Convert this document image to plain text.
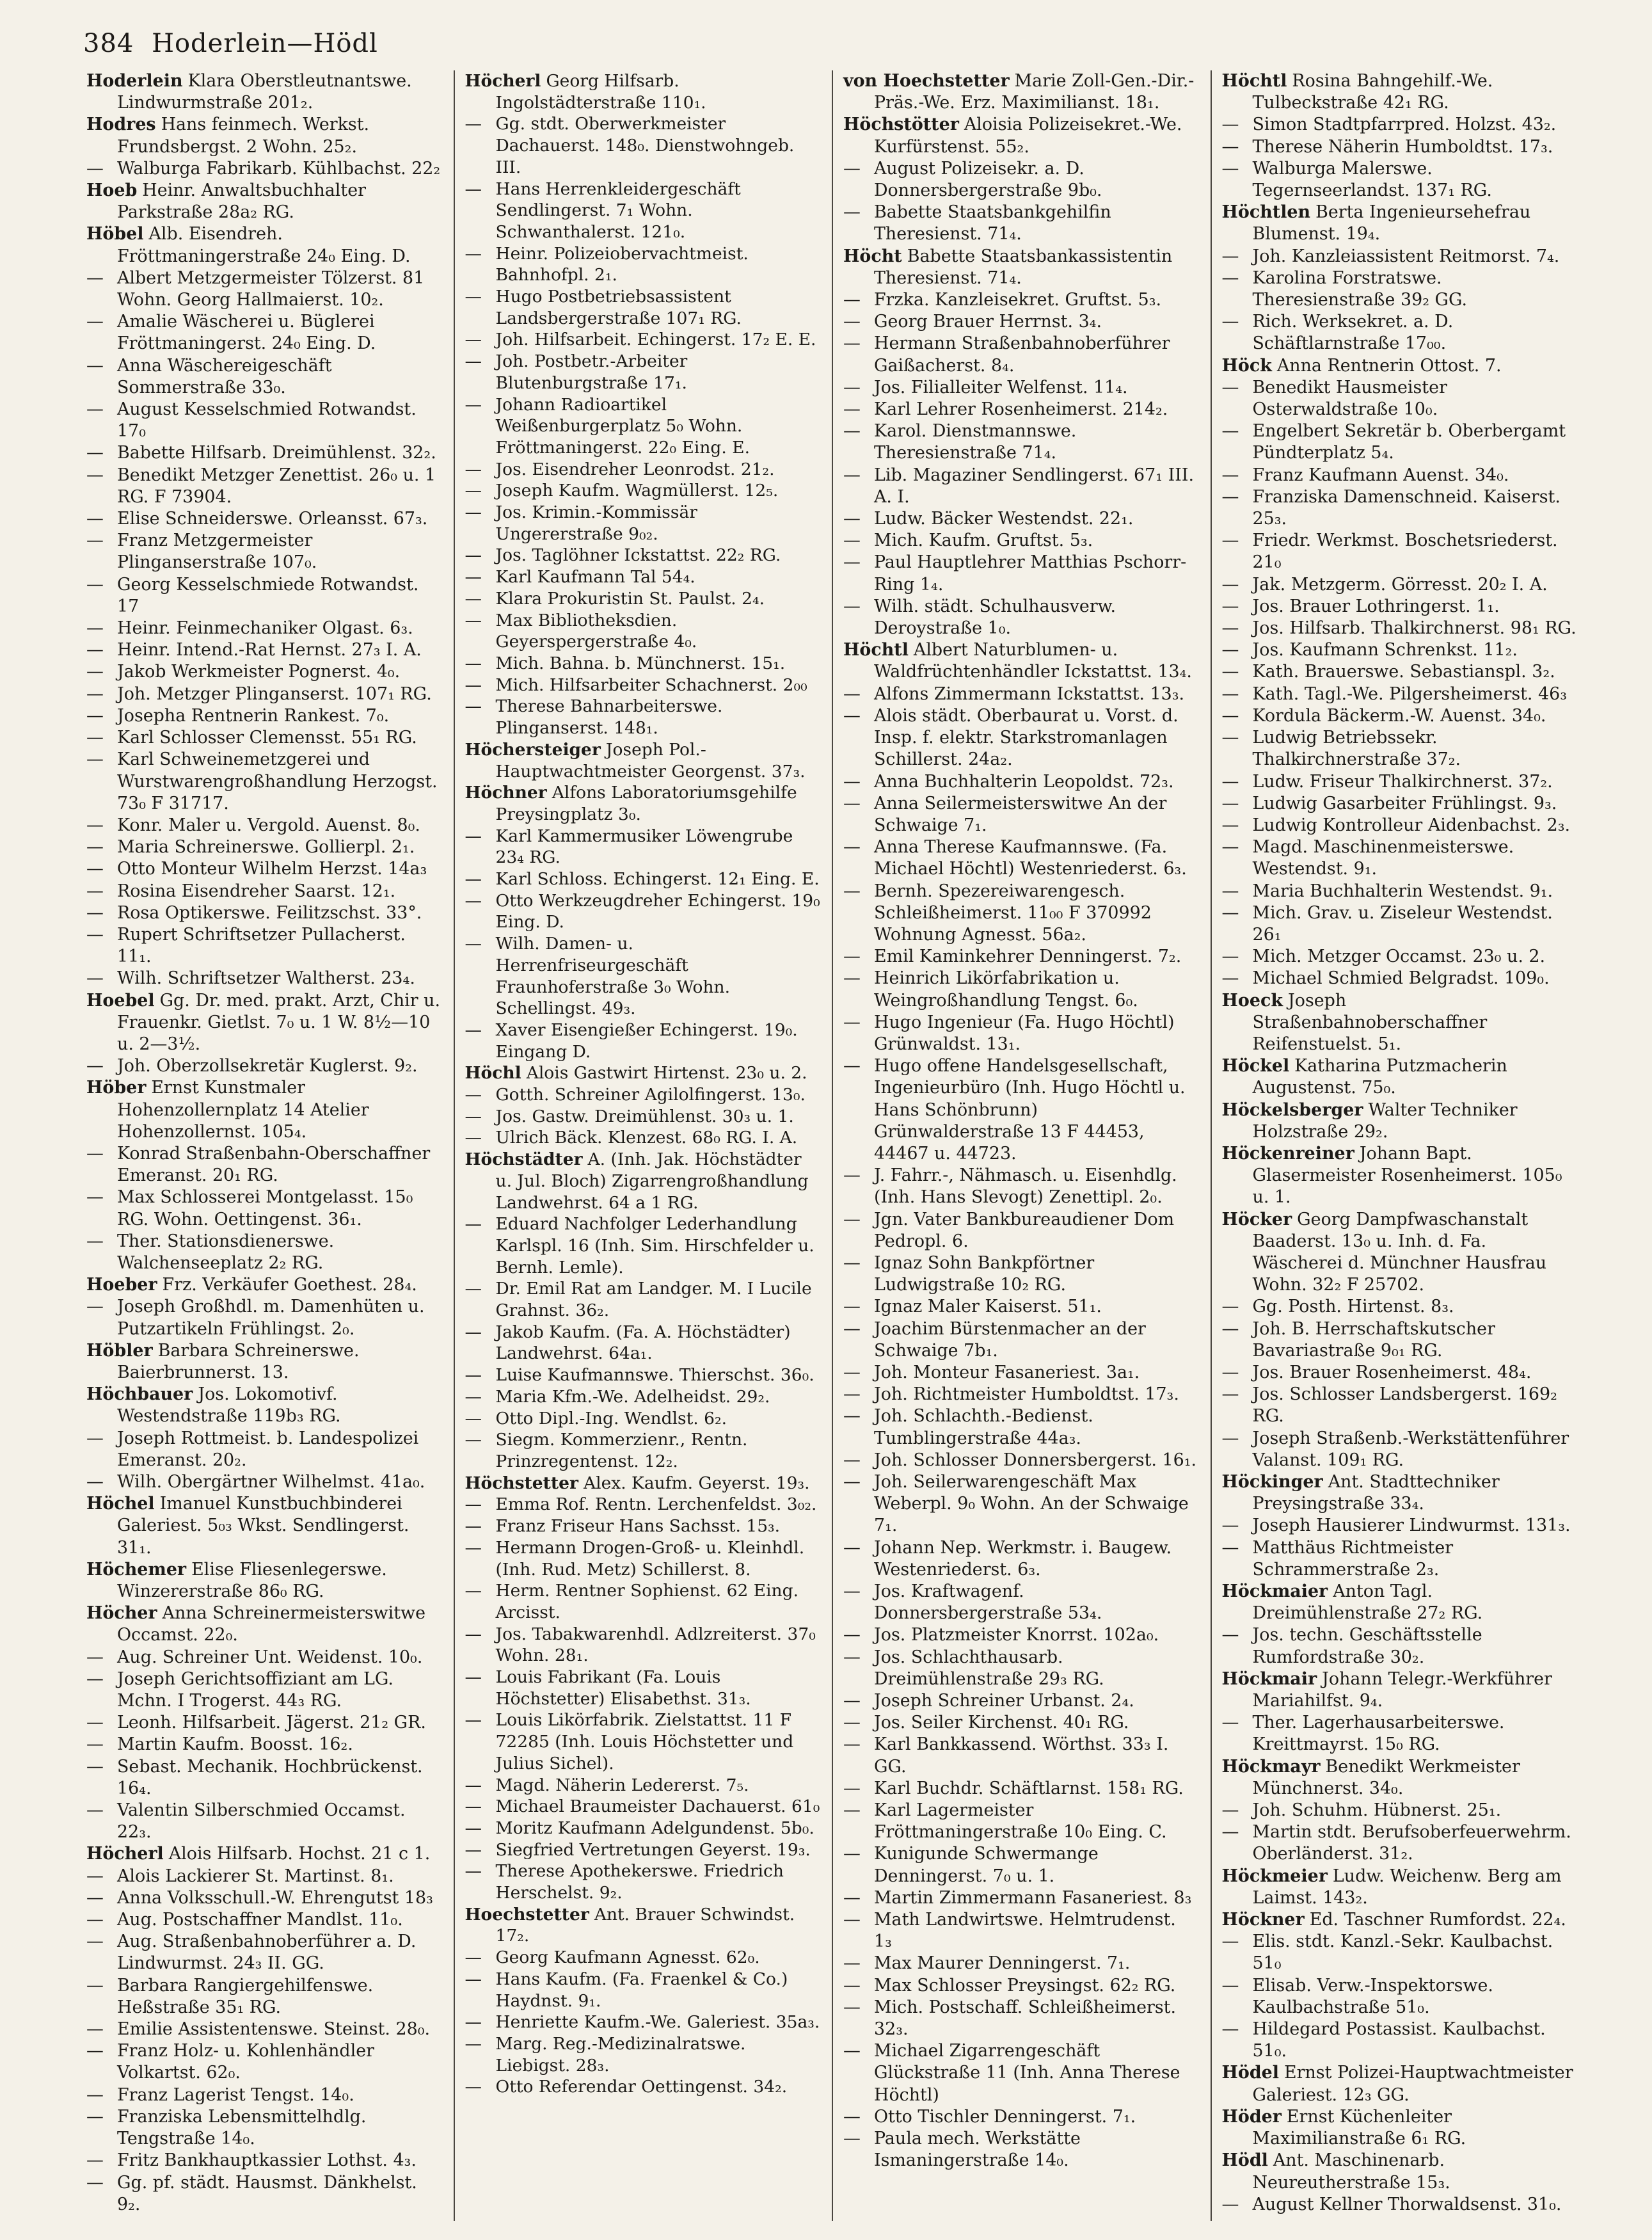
384 Hoderlein—Hödl
Hoderlein Klara Oberstleutnantswe. Lindwurmstraße 201₂.
Hodres Hans feinmech. Werkst. Frundsbergst. 2 Wohn. 25₂.
— Walburga Fabrikarb. Kühlbachst. 22₂
Hoeb Heinr. Anwaltsbuchhalter Parkstraße 28a₂ RG.
Höbel Alb. Eisendreh. Fröttmaningerstraße 24₀ Eing. D.
— Albert Metzgermeister Tölzerst. 81 Wohn. Georg Hallmaierst. 10₂.
— Amalie Wäscherei u. Büglerei Fröttmaningerst. 24₀ Eing. D.
— Anna Wäschereigeschäft Sommerstraße 33₀.
— August Kesselschmied Rotwandst. 17₀
— Babette Hilfsarb. Dreimühlenst. 32₂.
— Benedikt Metzger Zenettist. 26₀ u. 1 RG. F 73904.
— Elise Schneiderswe. Orleansst. 67₃.
— Franz Metzgermeister Plinganserstraße 107₀.
— Georg Kesselschmiede Rotwandst. 17
— Heinr. Feinmechaniker Olgast. 6₃.
— Heinr. Intend.-Rat Hernst. 27₃ I. A.
— Jakob Werkmeister Pognerst. 4₀.
— Joh. Metzger Plinganserst. 107₁ RG.
— Josepha Rentnerin Rankest. 7₀.
— Karl Schlosser Clemensst. 55₁ RG.
— Karl Schweinemetzgerei und Wurstwarengroßhandlung Herzogst. 73₀ F 31717.
— Konr. Maler u. Vergold. Auenst. 8₀.
— Maria Schreinerswe. Gollierpl. 2₁.
— Otto Monteur Wilhelm Herzst. 14a₃
— Rosina Eisendreher Saarst. 12₁.
— Rosa Optikerswe. Feilitzschst. 33°.
— Rupert Schriftsetzer Pullacherst. 11₁.
— Wilh. Schriftsetzer Waltherst. 23₄.
Hoebel Gg. Dr. med. prakt. Arzt, Chir u. Frauenkr. Gietlst. 7₀ u. 1 W. 8½—10 u. 2—3½.
— Joh. Oberzollsekretär Kuglerst. 9₂.
Höber Ernst Kunstmaler Hohenzollernplatz 14 Atelier Hohenzollernst. 105₄.
— Konrad Straßenbahn-Oberschaffner Emeranst. 20₁ RG.
— Max Schlosserei Montgelasst. 15₀ RG. Wohn. Oettingenst. 36₁.
— Ther. Stationsdienerswe. Walchenseeplatz 2₂ RG.
Hoeber Frz. Verkäufer Goethest. 28₄.
— Joseph Großhdl. m. Damenhüten u. Putzartikeln Frühlingst. 2₀.
Höbler Barbara Schreinerswe. Baierbrunnerst. 13.
Höchbauer Jos. Lokomotivf. Westendstraße 119b₃ RG.
— Joseph Rottmeist. b. Landespolizei Emeranst. 20₂.
— Wilh. Obergärtner Wilhelmst. 41a₀.
Höchel Imanuel Kunstbuchbinderei Galeriest. 5₀₃ Wkst. Sendlingerst. 31₁.
Höchemer Elise Fliesenlegerswe. Winzererstraße 86₀ RG.
Höcher Anna Schreinermeisterswitwe Occamst. 22₀.
— Aug. Schreiner Unt. Weidenst. 10₀.
— Joseph Gerichtsoffiziant am LG. Mchn. I Trogerst. 44₃ RG.
— Leonh. Hilfsarbeit. Jägerst. 21₂ GR.
— Martin Kaufm. Boosst. 16₂.
— Sebast. Mechanik. Hochbrückenst. 16₄.
— Valentin Silberschmied Occamst. 22₃.
Höcherl Alois Hilfsarb. Hochst. 21 c 1.
— Alois Lackierer St. Martinst. 8₁.
— Anna Volksschull.-W. Ehrengutst 18₃
— Aug. Postschaffner Mandlst. 11₀.
— Aug. Straßenbahnoberführer a. D. Lindwurmst. 24₃ II. GG.
— Barbara Rangiergehilfenswe. Heßstraße 35₁ RG.
— Emilie Assistentenswe. Steinst. 28₀.
— Franz Holz- u. Kohlenhändler Volkartst. 62₀.
— Franz Lagerist Tengst. 14₀.
— Franziska Lebensmittelhdlg. Tengstraße 14₀.
— Fritz Bankhauptkassier Lothst. 4₃.
— Gg. pf. städt. Hausmst. Dänkhelst. 9₂.
Höcherl Georg Hilfsarb. Ingolstädterstraße 110₁.
— Gg. stdt. Oberwerkmeister Dachauerst. 148₀. Dienstwohngeb. III.
— Hans Herrenkleidergeschäft Sendlingerst. 7₁ Wohn. Schwanthalerst. 121₀.
— Heinr. Polizeiobervachtmeist. Bahnhofpl. 2₁.
— Hugo Postbetriebsassistent Landsbergerstraße 107₁ RG.
— Joh. Hilfsarbeit. Echingerst. 17₂ E. E.
— Joh. Postbetr.-Arbeiter Blutenburgstraße 17₁.
— Johann Radioartikel Weißenburgerplatz 5₀ Wohn. Fröttmaningerst. 22₀ Eing. E.
— Jos. Eisendreher Leonrodst. 21₂.
— Joseph Kaufm. Wagmüllerst. 12₅.
— Jos. Krimin.-Kommissär Ungererstraße 9₀₂.
— Jos. Taglöhner Ickstattst. 22₂ RG.
— Karl Kaufmann Tal 54₄.
— Klara Prokuristin St. Paulst. 2₄.
— Max Bibliotheksdien. Geyerspergerstraße 4₀.
— Mich. Bahna. b. Münchnerst. 15₁.
— Mich. Hilfsarbeiter Schachnerst. 2₀₀
— Therese Bahnarbeiterswe. Plinganserst. 148₁.
Höchersteiger Joseph Pol.-Hauptwachtmeister Georgenst. 37₃.
Höchner Alfons Laboratoriumsgehilfe Preysingplatz 3₀.
— Karl Kammermusiker Löwengrube 23₄ RG.
— Karl Schloss. Echingerst. 12₁ Eing. E.
— Otto Werkzeugdreher Echingerst. 19₀ Eing. D.
— Wilh. Damen- u. Herrenfriseurgeschäft Fraunhoferstraße 3₀ Wohn. Schellingst. 49₃.
— Xaver Eisengießer Echingerst. 19₀. Eingang D.
Höchl Alois Gastwirt Hirtenst. 23₀ u. 2.
— Gotth. Schreiner Agilolfingerst. 13₀.
— Jos. Gastw. Dreimühlenst. 30₃ u. 1.
— Ulrich Bäck. Klenzest. 68₀ RG. I. A.
Höchstädter A. (Inh. Jak. Höchstädter u. Jul. Bloch) Zigarrengroßhandlung Landwehrst. 64 a 1 RG.
— Eduard Nachfolger Lederhandlung Karlspl. 16 (Inh. Sim. Hirschfelder u. Bernh. Lemle).
— Dr. Emil Rat am Landger. M. I Lucile Grahnst. 36₂.
— Jakob Kaufm. (Fa. A. Höchstädter) Landwehrst. 64a₁.
— Luise Kaufmannswe. Thierschst. 36₀.
— Maria Kfm.-We. Adelheidst. 29₂.
— Otto Dipl.-Ing. Wendlst. 6₂.
— Siegm. Kommerzienr., Rentn. Prinzregentenst. 12₂.
Höchstetter Alex. Kaufm. Geyerst. 19₃.
— Emma Rof. Rentn. Lerchenfeldst. 3₀₂.
— Franz Friseur Hans Sachsst. 15₃.
— Hermann Drogen-Groß- u. Kleinhdl. (Inh. Rud. Metz) Schillerst. 8.
— Herm. Rentner Sophienst. 62 Eing. Arcisst.
— Jos. Tabakwarenhdl. Adlzreiterst. 37₀ Wohn. 28₁.
— Louis Fabrikant (Fa. Louis Höchstetter) Elisabethst. 31₃.
— Louis Likörfabrik. Zielstattst. 11 F 72285 (Inh. Louis Höchstetter und Julius Sichel).
— Magd. Näherin Ledererst. 7₅.
— Michael Braumeister Dachauerst. 61₀
— Moritz Kaufmann Adelgundenst. 5b₀.
— Siegfried Vertretungen Geyerst. 19₃.
— Therese Apothekerswe. Friedrich Herschelst. 9₂.
Hoechstetter Ant. Brauer Schwindst. 17₂.
— Georg Kaufmann Agnesst. 62₀.
— Hans Kaufm. (Fa. Fraenkel & Co.) Haydnst. 9₁.
— Henriette Kaufm.-We. Galeriest. 35a₃.
— Marg. Reg.-Medizinalratswe. Liebigst. 28₃.
— Otto Referendar Oettingenst. 34₂.
von Hoechstetter Marie Zoll-Gen.-Dir.-Präs.-We. Erz. Maximilianst. 18₁.
Höchstötter Aloisia Polizeisekret.-We. Kurfürstenst. 55₂.
— August Polizeisekr. a. D. Donnersbergerstraße 9b₀.
— Babette Staatsbankgehilfin Theresienst. 71₄.
Höcht Babette Staatsbankassistentin Theresienst. 71₄.
— Frzka. Kanzleisekret. Gruftst. 5₃.
— Georg Brauer Herrnst. 3₄.
— Hermann Straßenbahnoberführer Gaißacherst. 8₄.
— Jos. Filialleiter Welfenst. 11₄.
— Karl Lehrer Rosenheimerst. 214₂.
— Karol. Dienstmannswe. Theresienstraße 71₄.
— Lib. Magaziner Sendlingerst. 67₁ III. A. I.
— Ludw. Bäcker Westendst. 22₁.
— Mich. Kaufm. Gruftst. 5₃.
— Paul Hauptlehrer Matthias Pschorr-Ring 1₄.
— Wilh. städt. Schulhausverw. Deroystraße 1₀.
Höchtl Albert Naturblumen- u. Waldfrüchtenhändler Ickstattst. 13₄.
— Alfons Zimmermann Ickstattst. 13₃.
— Alois städt. Oberbaurat u. Vorst. d. Insp. f. elektr. Starkstromanlagen Schillerst. 24a₂.
— Anna Buchhalterin Leopoldst. 72₃.
— Anna Seilermeisterswitwe An der Schwaige 7₁.
— Anna Therese Kaufmannswe. (Fa. Michael Höchtl) Westenriederst. 6₃.
— Bernh. Spezereiwarengesch. Schleißheimerst. 11₀₀ F 370992 Wohnung Agnesst. 56a₂.
— Emil Kaminkehrer Denningerst. 7₂.
— Heinrich Likörfabrikation u. Weingroßhandlung Tengst. 6₀.
— Hugo Ingenieur (Fa. Hugo Höchtl) Grünwaldst. 13₁.
— Hugo offene Handelsgesellschaft, Ingenieurbüro (Inh. Hugo Höchtl u. Hans Schönbrunn) Grünwalderstraße 13 F 44453, 44467 u. 44723.
— J. Fahrr.-, Nähmasch. u. Eisenhdlg. (Inh. Hans Slevogt) Zenettipl. 2₀.
— Jgn. Vater Bankbureaudiener Dom Pedropl. 6.
— Ignaz Sohn Bankpförtner Ludwigstraße 10₂ RG.
— Ignaz Maler Kaiserst. 51₁.
— Joachim Bürstenmacher an der Schwaige 7b₁.
— Joh. Monteur Fasaneriest. 3a₁.
— Joh. Richtmeister Humboldtst. 17₃.
— Joh. Schlachth.-Bedienst. Tumblingerstraße 44a₃.
— Joh. Schlosser Donnersbergerst. 16₁.
— Joh. Seilerwarengeschäft Max Weberpl. 9₀ Wohn. An der Schwaige 7₁.
— Johann Nep. Werkmstr. i. Baugew. Westenriederst. 6₃.
— Jos. Kraftwagenf. Donnersbergerstraße 53₄.
— Jos. Platzmeister Knorrst. 102a₀.
— Jos. Schlachthausarb. Dreimühlenstraße 29₃ RG.
— Joseph Schreiner Urbanst. 2₄.
— Jos. Seiler Kirchenst. 40₁ RG.
— Karl Bankkassend. Wörthst. 33₃ I. GG.
— Karl Buchdr. Schäftlarnst. 158₁ RG.
— Karl Lagermeister Fröttmaningerstraße 10₀ Eing. C.
— Kunigunde Schwermange Denningerst. 7₀ u. 1.
— Martin Zimmermann Fasaneriest. 8₃
— Math Landwirtswe. Helmtrudenst. 1₃
— Max Maurer Denningerst. 7₁.
— Max Schlosser Preysingst. 62₂ RG.
— Mich. Postschaff. Schleißheimerst. 32₃.
— Michael Zigarrengeschäft Glückstraße 11 (Inh. Anna Therese Höchtl)
— Otto Tischler Denningerst. 7₁.
— Paula mech. Werkstätte Ismaningerstraße 14₀.
Höchtl Rosina Bahngehilf.-We. Tulbeckstraße 42₁ RG.
— Simon Stadtpfarrpred. Holzst. 43₂.
— Therese Näherin Humboldtst. 17₃.
— Walburga Malerswe. Tegernseerlandst. 137₁ RG.
Höchtlen Berta Ingenieursehefrau Blumenst. 19₄.
— Joh. Kanzleiassistent Reitmorst. 7₄.
— Karolina Forstratswe. Theresienstraße 39₂ GG.
— Rich. Werksekret. a. D. Schäftlarnstraße 17₀₀.
Höck Anna Rentnerin Ottost. 7.
— Benedikt Hausmeister Osterwaldstraße 10₀.
— Engelbert Sekretär b. Oberbergamt Pündterplatz 5₄.
— Franz Kaufmann Auenst. 34₀.
— Franziska Damenschneid. Kaiserst. 25₃.
— Friedr. Werkmst. Boschetsriederst. 21₀
— Jak. Metzgerm. Görresst. 20₂ I. A.
— Jos. Brauer Lothringerst. 1₁.
— Jos. Hilfsarb. Thalkirchnerst. 98₁ RG.
— Jos. Kaufmann Schrenkst. 11₂.
— Kath. Brauerswe. Sebastianspl. 3₂.
— Kath. Tagl.-We. Pilgersheimerst. 46₃
— Kordula Bäckerm.-W. Auenst. 34₀.
— Ludwig Betriebssekr. Thalkirchnerstraße 37₂.
— Ludw. Friseur Thalkirchnerst. 37₂.
— Ludwig Gasarbeiter Frühlingst. 9₃.
— Ludwig Kontrolleur Aidenbachst. 2₃.
— Magd. Maschinenmeisterswe. Westendst. 9₁.
— Maria Buchhalterin Westendst. 9₁.
— Mich. Grav. u. Ziseleur Westendst. 26₁
— Mich. Metzger Occamst. 23₀ u. 2.
— Michael Schmied Belgradst. 109₀.
Hoeck Joseph Straßenbahnoberschaffner Reifenstuelst. 5₁.
Höckel Katharina Putzmacherin Augustenst. 75₀.
Höckelsberger Walter Techniker Holzstraße 29₂.
Höckenreiner Johann Bapt. Glasermeister Rosenheimerst. 105₀ u. 1.
Höcker Georg Dampfwaschanstalt Baaderst. 13₀ u. Inh. d. Fa. Wäscherei d. Münchner Hausfrau Wohn. 32₂ F 25702.
— Gg. Posth. Hirtenst. 8₃.
— Joh. B. Herrschaftskutscher Bavariastraße 9₀₁ RG.
— Jos. Brauer Rosenheimerst. 48₄.
— Jos. Schlosser Landsbergerst. 169₂ RG.
— Joseph Straßenb.-Werkstättenführer Valanst. 109₁ RG.
Höckinger Ant. Stadttechniker Preysingstraße 33₄.
— Joseph Hausierer Lindwurmst. 131₃.
— Matthäus Richtmeister Schrammerstraße 2₃.
Höckmaier Anton Tagl. Dreimühlenstraße 27₂ RG.
— Jos. techn. Geschäftsstelle Rumfordstraße 30₂.
Höckmair Johann Telegr.-Werkführer Mariahilfst. 9₄.
— Ther. Lagerhausarbeiterswe. Kreittmayrst. 15₀ RG.
Höckmayr Benedikt Werkmeister Münchnerst. 34₀.
— Joh. Schuhm. Hübnerst. 25₁.
— Martin stdt. Berufsoberfeuerwehrm. Oberländerst. 31₂.
Höckmeier Ludw. Weichenw. Berg am Laimst. 143₂.
Höckner Ed. Taschner Rumfordst. 22₄.
— Elis. stdt. Kanzl.-Sekr. Kaulbachst. 51₀
— Elisab. Verw.-Inspektorswe. Kaulbachstraße 51₀.
— Hildegard Postassist. Kaulbachst. 51₀.
Hödel Ernst Polizei-Hauptwachtmeister Galeriest. 12₃ GG.
Höder Ernst Küchenleiter Maximilianstraße 6₁ RG.
Hödl Ant. Maschinenarb. Neureutherstraße 15₃.
— August Kellner Thorwaldsenst. 31₀.
